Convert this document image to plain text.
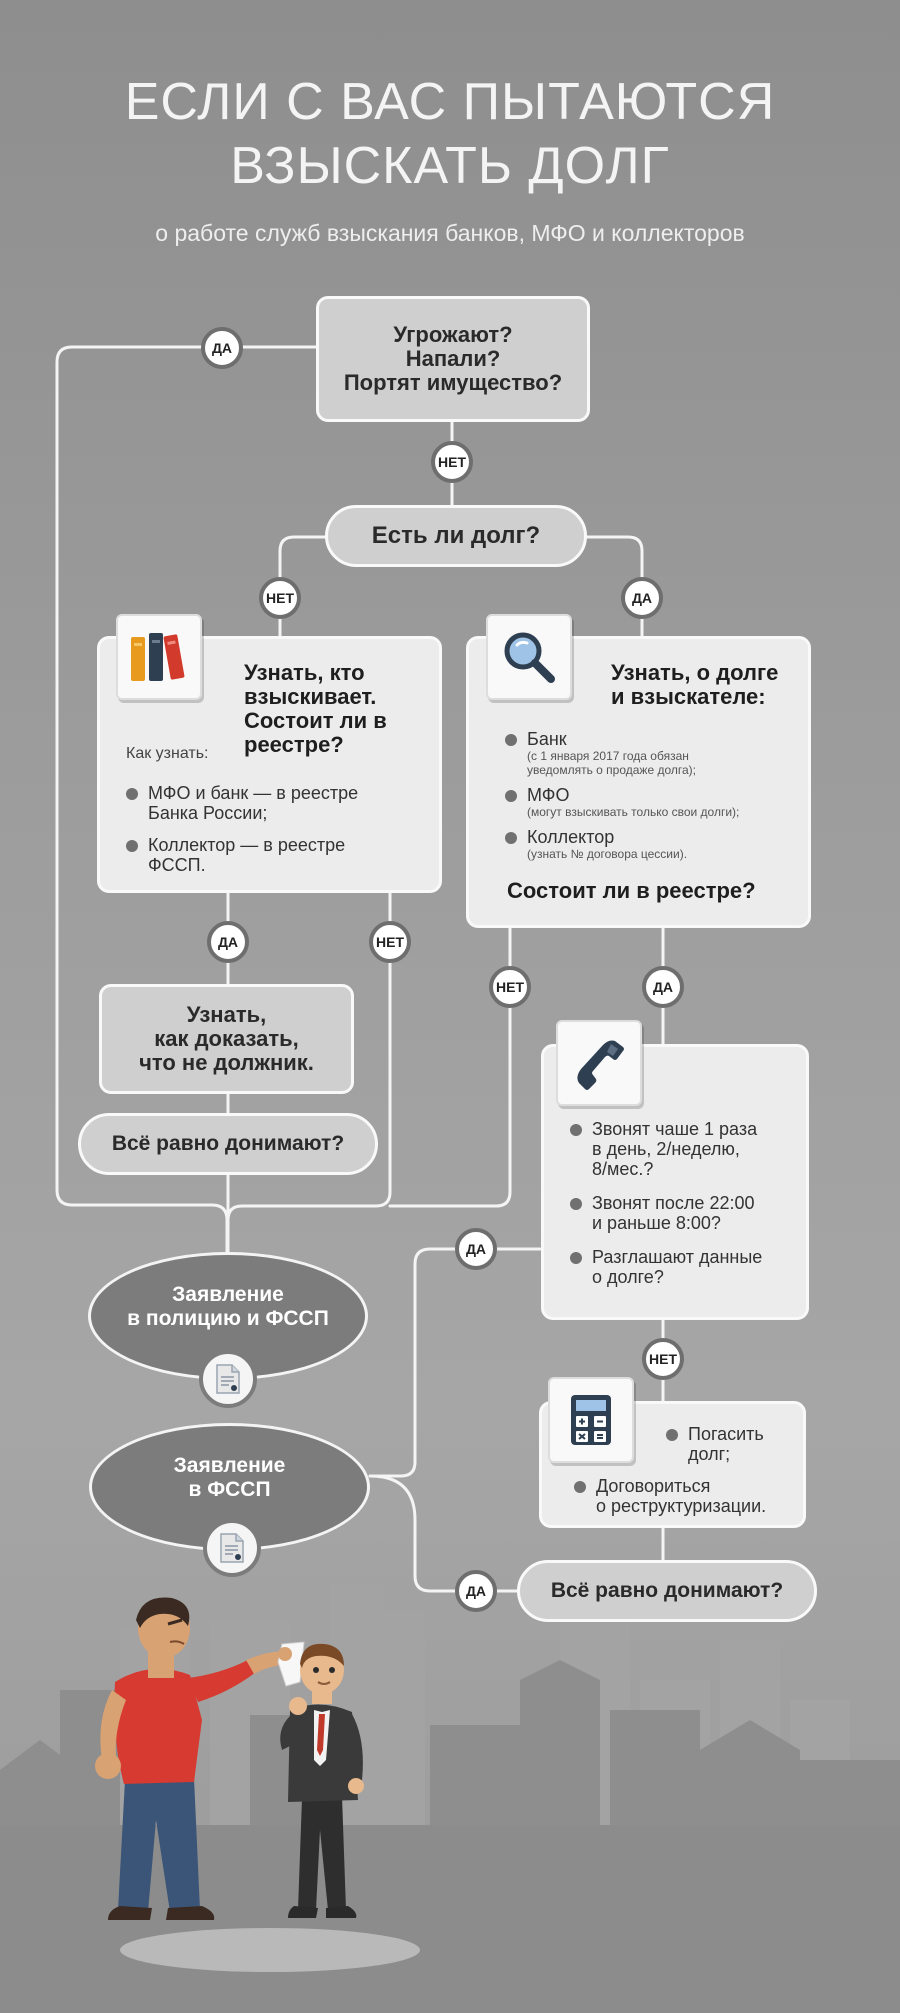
ЕСЛИ С ВАС ПЫТАЮТСЯ
ВЗЫСКАТЬ ДОЛГ
о работе служб взыскания банков, МФО и коллекторов
Угрожают?
Напали?
Портят имущество?
ДА
НЕТ
Есть ли долг?
НЕТ	ДА
Узнать, кто
взыскивает.
Состоит ли в
реестре?
Как узнать:
МФО и банк — в реестре
Банка России;
Коллектор — в реестре
ФССП.
Узнать, о долге
и взыскателе:
Банк
(с 1 января 2017 года обязан
уведомлять о продаже долга);
МФО
(могут взыскивать только свои долги);
Коллектор
(узнать № договора цессии).
Состоит ли в реестре?
ДА	НЕТ
НЕТ	ДА
Узнать,
как доказать,
что не должник.
Всё равно донимают?
Звонят чаше 1 раза
в день, 2/неделю,
8/мес.?
Звонят после 22:00
и раньше 8:00?
Разглашают данные
о долге?
ДА
НЕТ
Заявление
в полицию и ФССП
Заявление
в ФССП
Погасить
долг;
Договориться
о реструктуризации.
Всё равно донимают?
ДА
